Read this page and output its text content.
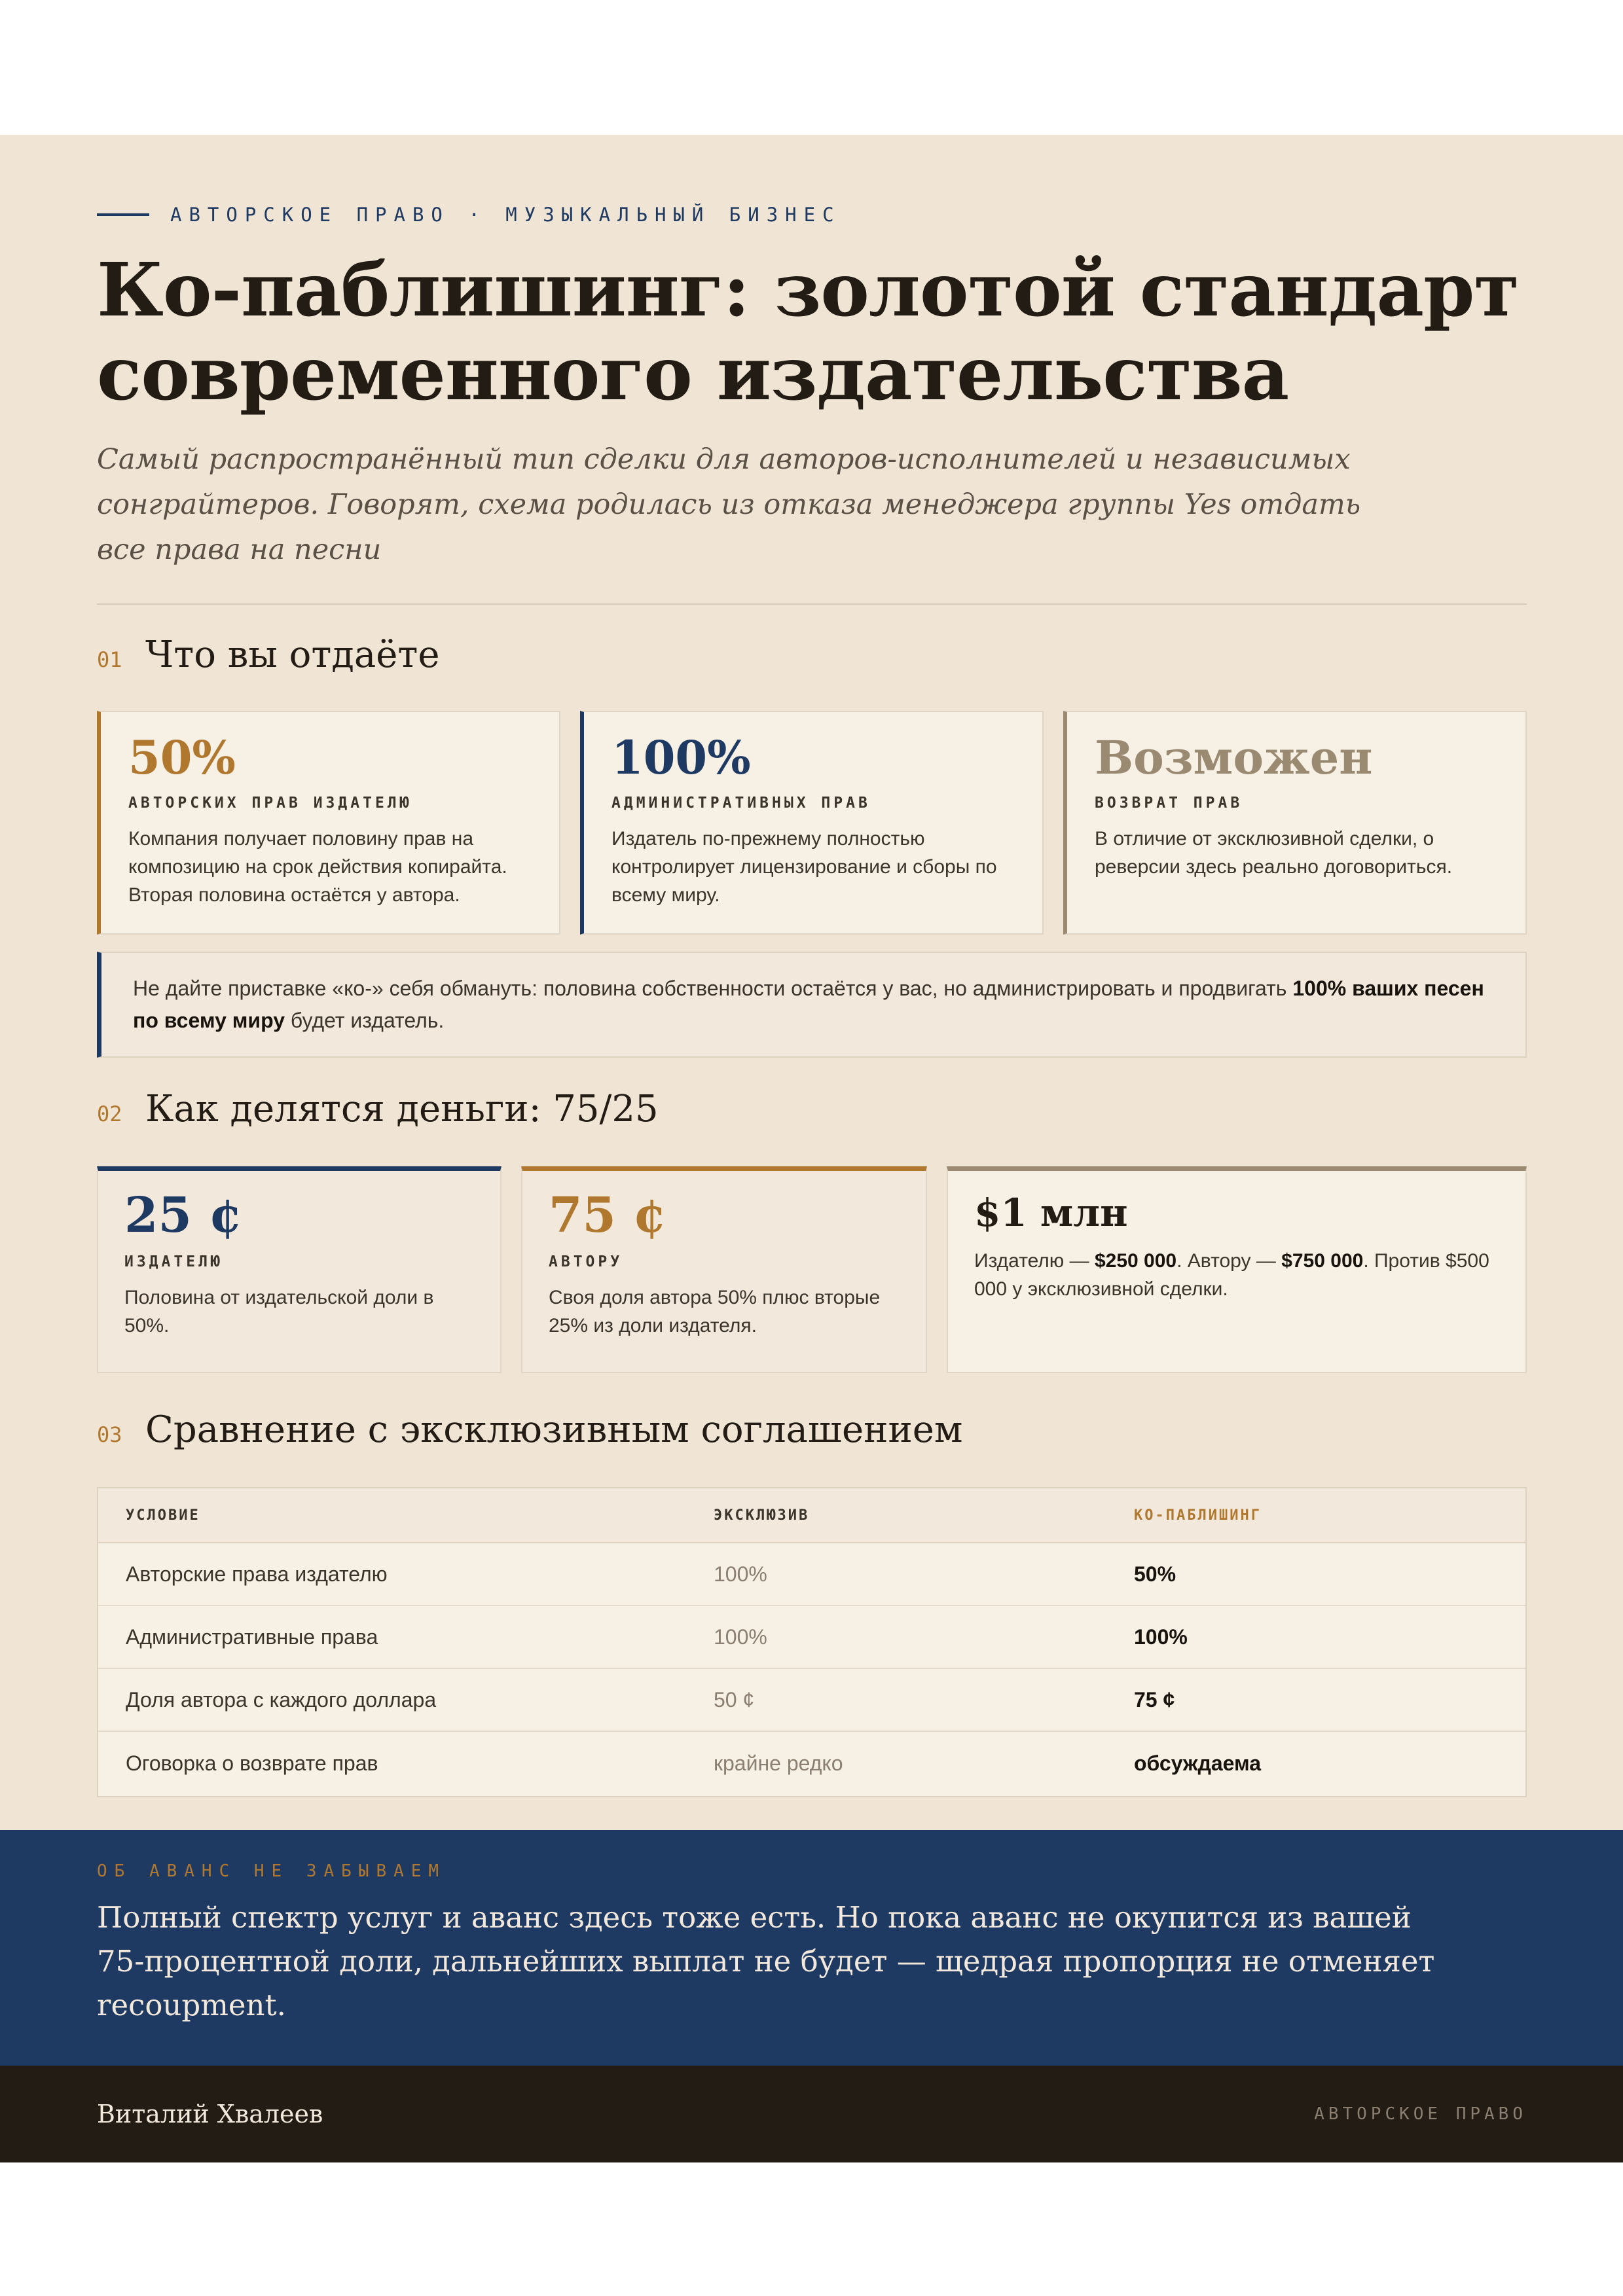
АВТОРСКОЕ ПРАВО · МУЗЫКАЛЬНЫЙ БИЗНЕС
Ко-паблишинг: золотой стандарт современного издательства

Самый распространённый тип сделки для авторов-исполнителей и независимых сонграйтеров. Говорят, схема родилась из отказа менеджера группы Yes отдать все права на песни

01 Что вы отдаёте
50%
АВТОРСКИХ ПРАВ ИЗДАТЕЛЮ
Компания получает половину прав на композицию на срок действия копирайта. Вторая половина остаётся у автора.
100%
АДМИНИСТРАТИВНЫХ ПРАВ
Издатель по-прежнему полностью контролирует лицензирование и сборы по всему миру.
Возможен
ВОЗВРАТ ПРАВ
В отличие от эксклюзивной сделки, о реверсии здесь реально договориться.
Не дайте приставке «ко-» себя обмануть: половина собственности остаётся у вас, но администрировать и продвигать 100% ваших песен по всему миру будет издатель.
02 Как делятся деньги: 75/25
25 ¢
ИЗДАТЕЛЮ
Половина от издательской доли в 50%.
75 ¢
АВТОРУ
Своя доля автора 50% плюс вторые 25% из доли издателя.
$1 млн
Издателю — $250 000. Автору — $750 000. Против $500 000 у эксклюзивной сделки.
03 Сравнение с эксклюзивным соглашением
УСЛОВИЕ	ЭКСКЛЮЗИВ	КО-ПАБЛИШИНГ
Авторские права издателю	100%	50%
Административные права	100%	100%
Доля автора с каждого доллара	50 ¢	75 ¢
Оговорка о возврате прав	крайне редко	обсуждаема
ОБ АВАНС НЕ ЗАБЫВАЕМ
Полный спектр услуг и аванс здесь тоже есть. Но пока аванс не окупится из вашей 75-процентной доли, дальнейших выплат не будет — щедрая пропорция не отменяет recoupment.
Виталий Хвалеев	АВТОРСКОЕ ПРАВО
